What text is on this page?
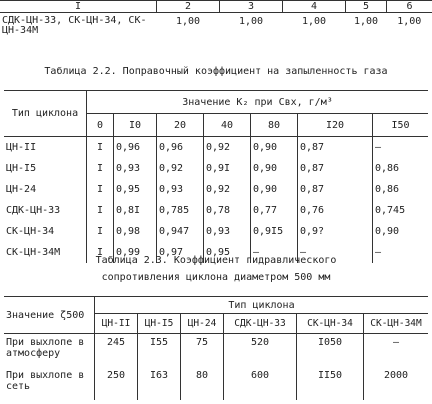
I	2	3	4	5	6
СДК-ЦН-33, СК-ЦН-34, СК-ЦН-34М	1,00	1,00	1,00	1,00	1,00
Таблица 2.2. Поправочный коэффициент на запыленность газа
Тип циклона	Значение K₂ при Свх, г/м³						
	0	I0	20	40	80	I20	I50
ЦН-II	I	0,96	0,96	0,92	0,90	0,87	–
ЦН-I5	I	0,93	0,92	0,9I	0,90	0,87	0,86
ЦН-24	I	0,95	0,93	0,92	0,90	0,87	0,86
СДК-ЦН-33	I	0,8I	0,785	0,78	0,77	0,76	0,745
СК-ЦН-34	I	0,98	0,947	0,93	0,9I5	0,9?	0,90
СК-ЦН-34М	I	0,99	0,97	0,95	–	–	–
Таблица 2.3. Коэффициент гидравлического
сопротивления циклона диаметром 500 мм
Значение ζ500	Тип циклона					
	ЦН-II	ЦН-I5	ЦН-24	СДК-ЦН-33	СК-ЦН-34	СК-ЦН-34М
При выхлопе в атмосферу	245	I55	75	520	I050	–
При выхлопе в сеть	250	I63	80	600	II50	2000
